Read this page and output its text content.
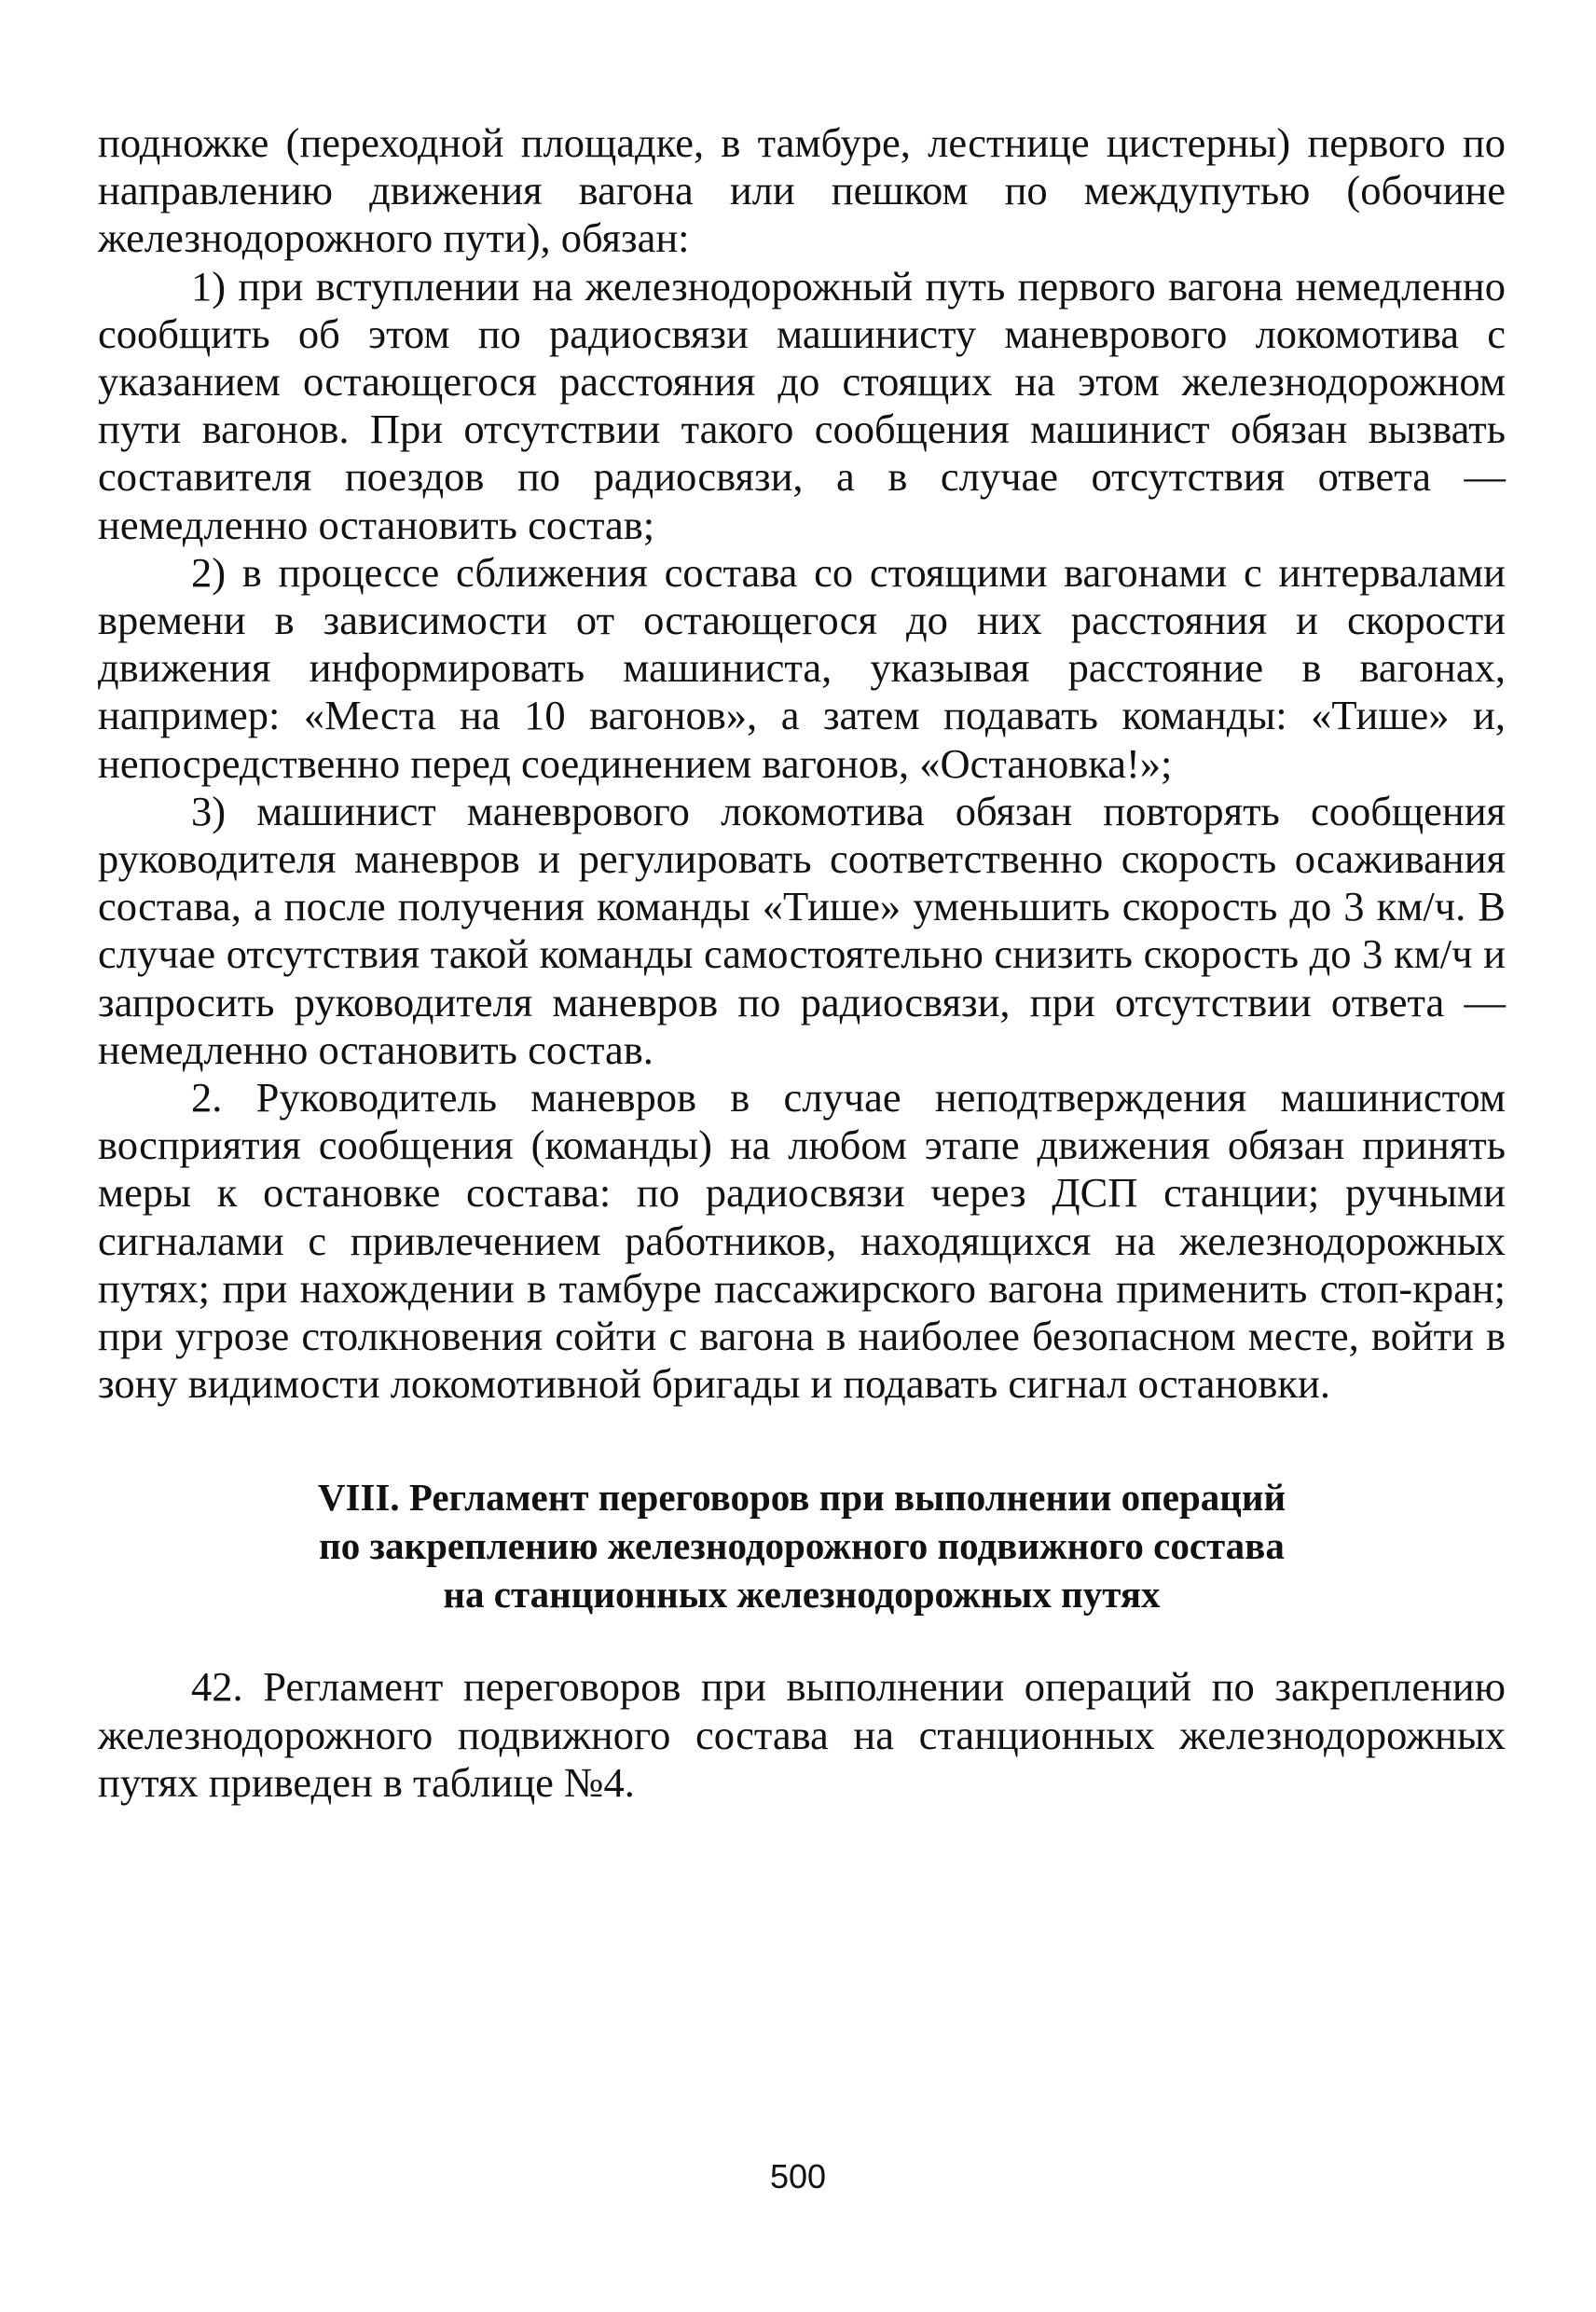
подножке (переходной площадке, в тамбуре, лестнице цистерны) первого по направлению движения вагона или пешком по междупутью (обочине железнодорожного пути), обязан:

1) при вступлении на железнодорожный путь первого вагона немедленно сообщить об этом по радиосвязи машинисту маневрового локомотива с указанием остающегося расстояния до стоящих на этом железнодорожном пути вагонов. При отсутствии такого сообщения машинист обязан вызвать составителя поездов по радиосвязи, а в случае отсутствия ответа — немедленно остановить состав;

2) в процессе сближения состава со стоящими вагонами с интервалами времени в зависимости от остающегося до них расстояния и скорости движения информировать машиниста, указывая расстояние в вагонах, например: «Места на 10 вагонов», а затем подавать команды: «Тише» и, непосредственно перед соединением вагонов, «Остановка!»;

3) машинист маневрового локомотива обязан повторять сообщения руководителя маневров и регулировать соответственно скорость осаживания состава, а после получения команды «Тише» уменьшить скорость до 3 км/ч. В случае отсутствия такой команды самостоятельно снизить скорость до 3 км/ч и запросить руководителя маневров по радиосвязи, при отсутствии ответа — немедленно остановить состав.

2. Руководитель маневров в случае неподтверждения машинистом восприятия сообщения (команды) на любом этапе движения обязан принять меры к остановке состава: по радиосвязи через ДСП станции; ручными сигналами с привлечением работников, находящихся на железнодорожных путях; при нахождении в тамбуре пассажирского вагона применить стоп-кран; при угрозе столкновения сойти с вагона в наиболее безопасном месте, войти в зону видимости локомотивной бригады и подавать сигнал остановки.

VIII. Регламент переговоров при выполнении операций
по закреплению железнодорожного подвижного состава
на станционных железнодорожных путях

42. Регламент переговоров при выполнении операций по закреплению железнодорожного подвижного состава на станционных железнодорожных путях приведен в таблице №4.

500
